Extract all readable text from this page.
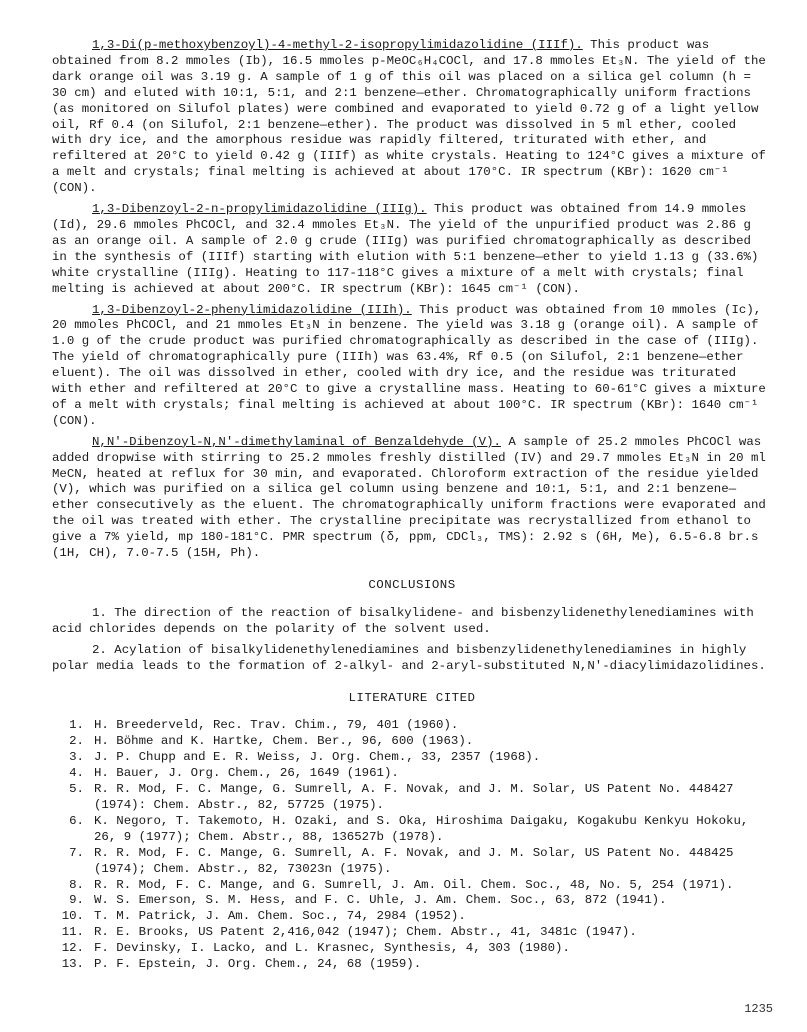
1,3-Di(p-methoxybenzoyl)-4-methyl-2-isopropylimidazolidine (IIIf). This product was obtained from 8.2 mmoles (Ib), 16.5 mmoles p-MeOC₆H₄COCl, and 17.8 mmoles Et₃N. The yield of the dark orange oil was 3.19 g. A sample of 1 g of this oil was placed on a silica gel column (h = 30 cm) and eluted with 10:1, 5:1, and 2:1 benzene—ether. Chromatographically uniform fractions (as monitored on Silufol plates) were combined and evaporated to yield 0.72 g of a light yellow oil, Rf 0.4 (on Silufol, 2:1 benzene—ether). The product was dissolved in 5 ml ether, cooled with dry ice, and the amorphous residue was rapidly filtered, triturated with ether, and refiltered at 20°C to yield 0.42 g (IIIf) as white crystals. Heating to 124°C gives a mixture of a melt and crystals; final melting is achieved at about 170°C. IR spectrum (KBr): 1620 cm⁻¹ (CON).

1,3-Dibenzoyl-2-n-propylimidazolidine (IIIg). This product was obtained from 14.9 mmoles (Id), 29.6 mmoles PhCOCl, and 32.4 mmoles Et₃N. The yield of the unpurified product was 2.86 g as an orange oil. A sample of 2.0 g crude (IIIg) was purified chromatographically as described in the synthesis of (IIIf) starting with elution with 5:1 benzene—ether to yield 1.13 g (33.6%) white crystalline (IIIg). Heating to 117-118°C gives a mixture of a melt with crystals; final melting is achieved at about 200°C. IR spectrum (KBr): 1645 cm⁻¹ (CON).

1,3-Dibenzoyl-2-phenylimidazolidine (IIIh). This product was obtained from 10 mmoles (Ic), 20 mmoles PhCOCl, and 21 mmoles Et₃N in benzene. The yield was 3.18 g (orange oil). A sample of 1.0 g of the crude product was purified chromatographically as described in the case of (IIIg). The yield of chromatographically pure (IIIh) was 63.4%, Rf 0.5 (on Silufol, 2:1 benzene—ether eluent). The oil was dissolved in ether, cooled with dry ice, and the residue was triturated with ether and refiltered at 20°C to give a crystalline mass. Heating to 60-61°C gives a mixture of a melt with crystals; final melting is achieved at about 100°C. IR spectrum (KBr): 1640 cm⁻¹ (CON).

N,N'-Dibenzoyl-N,N'-dimethylaminal of Benzaldehyde (V). A sample of 25.2 mmoles PhCOCl was added dropwise with stirring to 25.2 mmoles freshly distilled (IV) and 29.7 mmoles Et₃N in 20 ml MeCN, heated at reflux for 30 min, and evaporated. Chloroform extraction of the residue yielded (V), which was purified on a silica gel column using benzene and 10:1, 5:1, and 2:1 benzene—ether consecutively as the eluent. The chromatographically uniform fractions were evaporated and the oil was treated with ether. The crystalline precipitate was recrystallized from ethanol to give a 7% yield, mp 180-181°C. PMR spectrum (δ, ppm, CDCl₃, TMS): 2.92 s (6H, Me), 6.5-6.8 br.s (1H, CH), 7.0-7.5 (15H, Ph).

CONCLUSIONS

1. The direction of the reaction of bisalkylidene- and bisbenzylidenethylenediamines with acid chlorides depends on the polarity of the solvent used.

2. Acylation of bisalkylidenethylenediamines and bisbenzylidenethylenediamines in highly polar media leads to the formation of 2-alkyl- and 2-aryl-substituted N,N'-diacylimidazolidines.

LITERATURE CITED
1. H. Breederveld, Rec. Trav. Chim., 79, 401 (1960).
2. H. Böhme and K. Hartke, Chem. Ber., 96, 600 (1963).
3. J. P. Chupp and E. R. Weiss, J. Org. Chem., 33, 2357 (1968).
4. H. Bauer, J. Org. Chem., 26, 1649 (1961).
5. R. R. Mod, F. C. Mange, G. Sumrell, A. F. Novak, and J. M. Solar, US Patent No. 448427 (1974): Chem. Abstr., 82, 57725 (1975).
6. K. Negoro, T. Takemoto, H. Ozaki, and S. Oka, Hiroshima Daigaku, Kogakubu Kenkyu Hokoku, 26, 9 (1977); Chem. Abstr., 88, 136527b (1978).
7. R. R. Mod, F. C. Mange, G. Sumrell, A. F. Novak, and J. M. Solar, US Patent No. 448425 (1974); Chem. Abstr., 82, 73023n (1975).
8. R. R. Mod, F. C. Mange, and G. Sumrell, J. Am. Oil. Chem. Soc., 48, No. 5, 254 (1971).
9. W. S. Emerson, S. M. Hess, and F. C. Uhle, J. Am. Chem. Soc., 63, 872 (1941).
10. T. M. Patrick, J. Am. Chem. Soc., 74, 2984 (1952).
11. R. E. Brooks, US Patent 2,416,042 (1947); Chem. Abstr., 41, 3481c (1947).
12. F. Devinsky, I. Lacko, and L. Krasnec, Synthesis, 4, 303 (1980).
13. P. F. Epstein, J. Org. Chem., 24, 68 (1959).
1235
